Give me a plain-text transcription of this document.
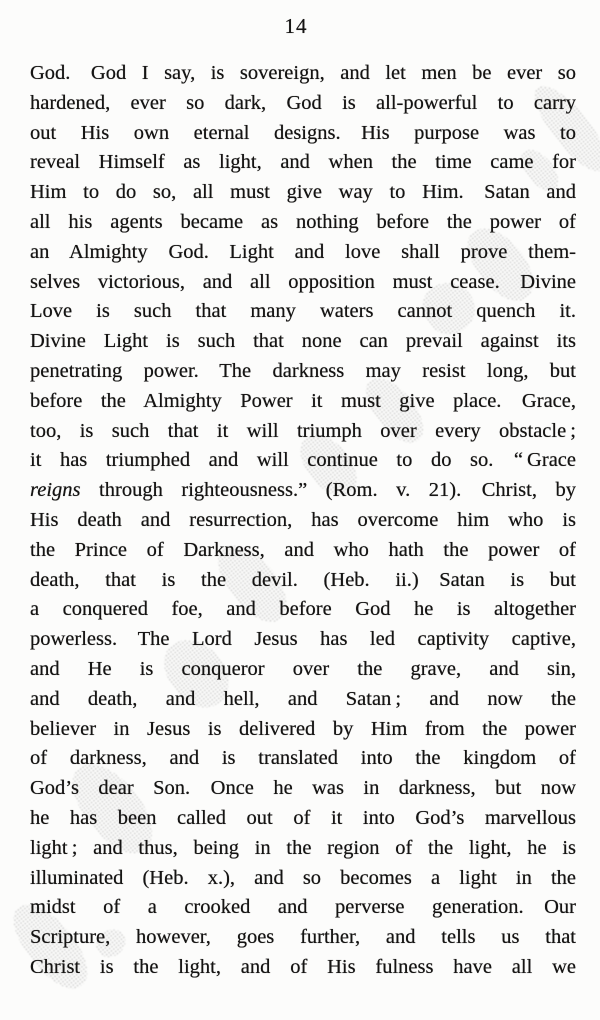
14
God.  God I say, is sovereign, and let men be ever so
hardened, ever so dark, God is all-powerful to carry
out His own eternal designs.  His purpose was to
reveal Himself as light, and when the time came for
Him to do so, all must give way to Him.  Satan and
all his agents became as nothing before the power of
an Almighty God.  Light and love shall prove them-
selves victorious, and all opposition must cease.  Divine
Love is such that many waters cannot quench it.
Divine Light is such that none can prevail against its
penetrating power.  The darkness may resist long, but
before the Almighty Power it must give place.  Grace,
too, is such that it will triumph over every obstacle ;
it has triumphed and will continue to do so.  “ Grace
reigns through righteousness.” (Rom. v. 21).  Christ, by
His death and resurrection, has overcome him who is
the Prince of Darkness, and who hath the power of
death, that is the devil. (Heb. ii.)  Satan is but
a conquered foe, and before God he is altogether
powerless.  The Lord Jesus has led captivity captive,
and He is conqueror over the grave, and sin,
and death, and hell, and Satan ; and now the
believer in Jesus is delivered by Him from the power
of darkness, and is translated into the kingdom of
God’s dear Son.  Once he was in darkness, but now
he has been called out of it into God’s marvellous
light ; and thus, being in the region of the light, he is
illuminated (Heb. x.), and so becomes a light in the
midst of a crooked and perverse generation.  Our
Scripture, however, goes further, and tells us that
Christ is the light, and of His fulness have all we
